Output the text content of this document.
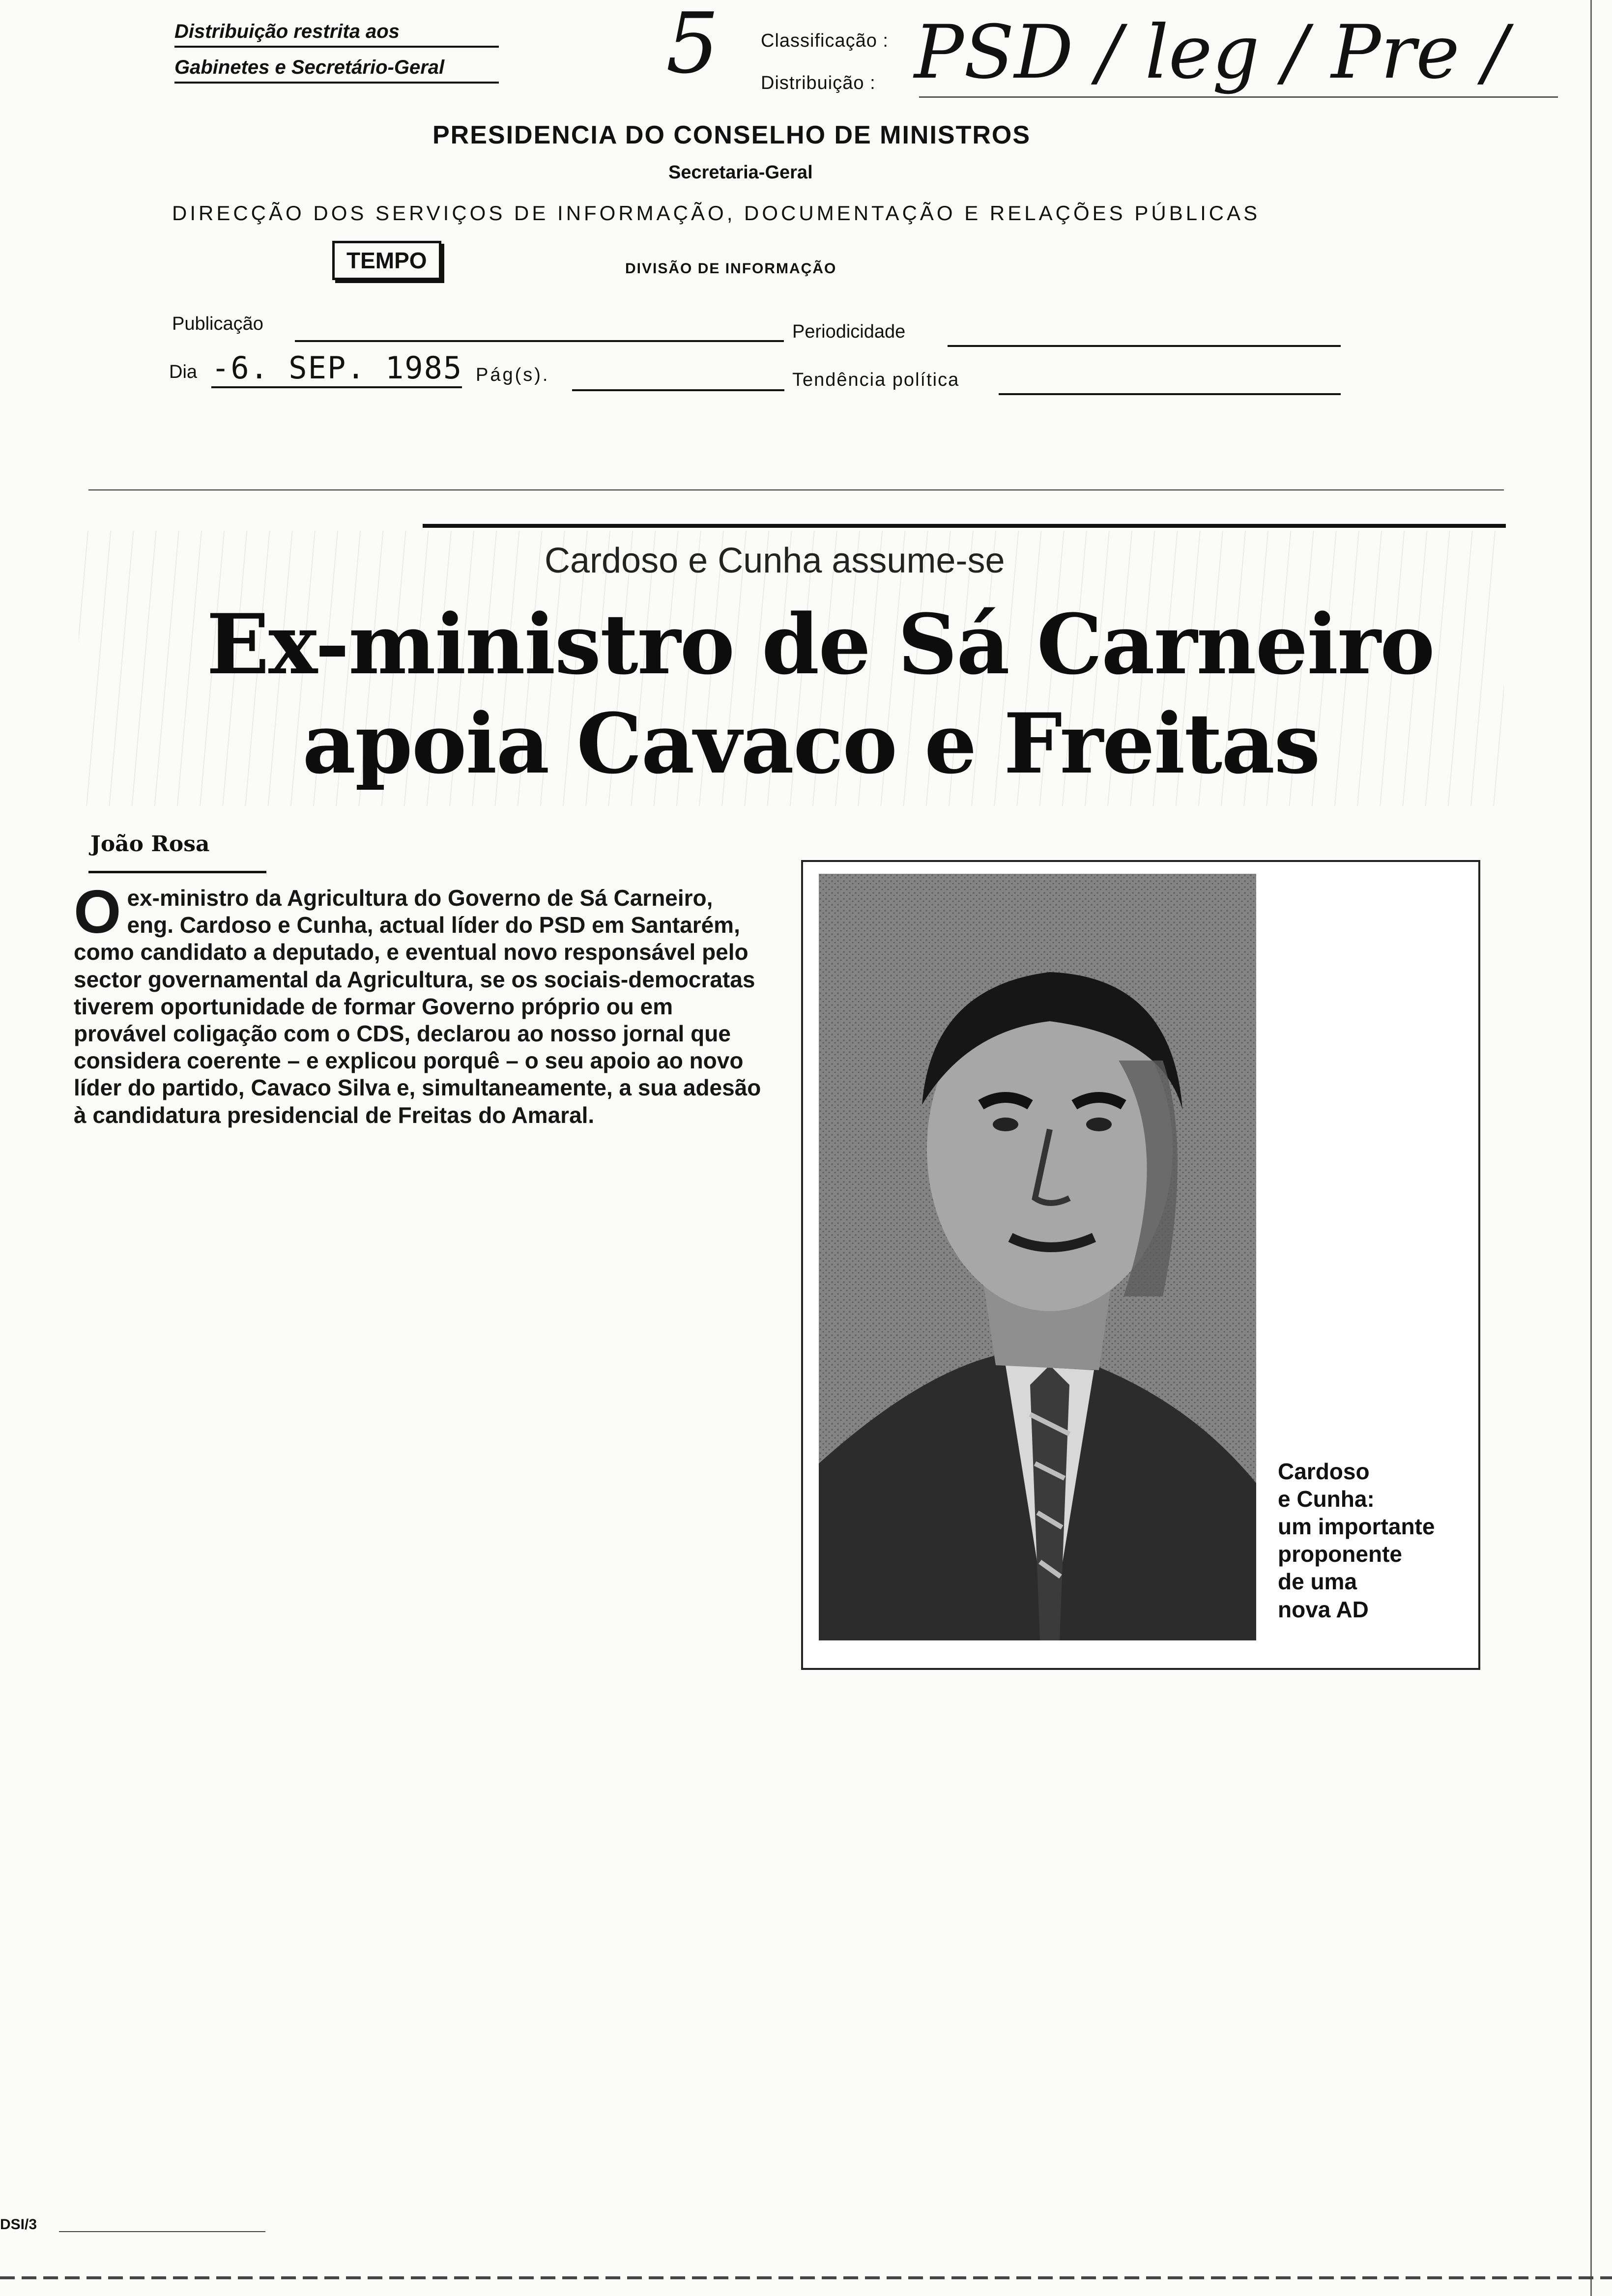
Distribuição restrita aos
Gabinetes e Secretário-Geral	5 Classificação :
Distribuição : PSD / leg / Pre /
PRESIDENCIA DO CONSELHO DE MINISTROS
Secretaria-Geral
DIRECÇÃO DOS SERVIÇOS DE INFORMAÇÃO, DOCUMENTAÇÃO E RELAÇÕES PÚBLICAS
TEMPO	DIVISÃO DE INFORMAÇÃO
Publicação	Periodicidade
Dia -6. SEP. 1985 Pág(s).	Tendência política
Cardoso e Cunha assume-se
Ex-ministro de Sá Carneiro
apoia Cavaco e Freitas
João Rosa
Oex-ministro da Agricultura do Governo de Sá Carneiro, eng. Cardoso e Cunha, actual líder do PSD em Santarém, como candidato a deputado, e eventual novo responsável pelo sector governamental da Agricultura, se os sociais-democratas tiverem oportunidade de formar Governo próprio ou em provável coligação com o CDS, declarou ao nosso jornal que considera coerente – e explicou porquê – o seu apoio ao novo líder do partido, Cavaco Silva e, simultaneamente, a sua adesão à candidatura presidencial de Freitas do Amaral.
Cardoso
e Cunha:
um importante
proponente
de uma
nova AD
DSI/3
